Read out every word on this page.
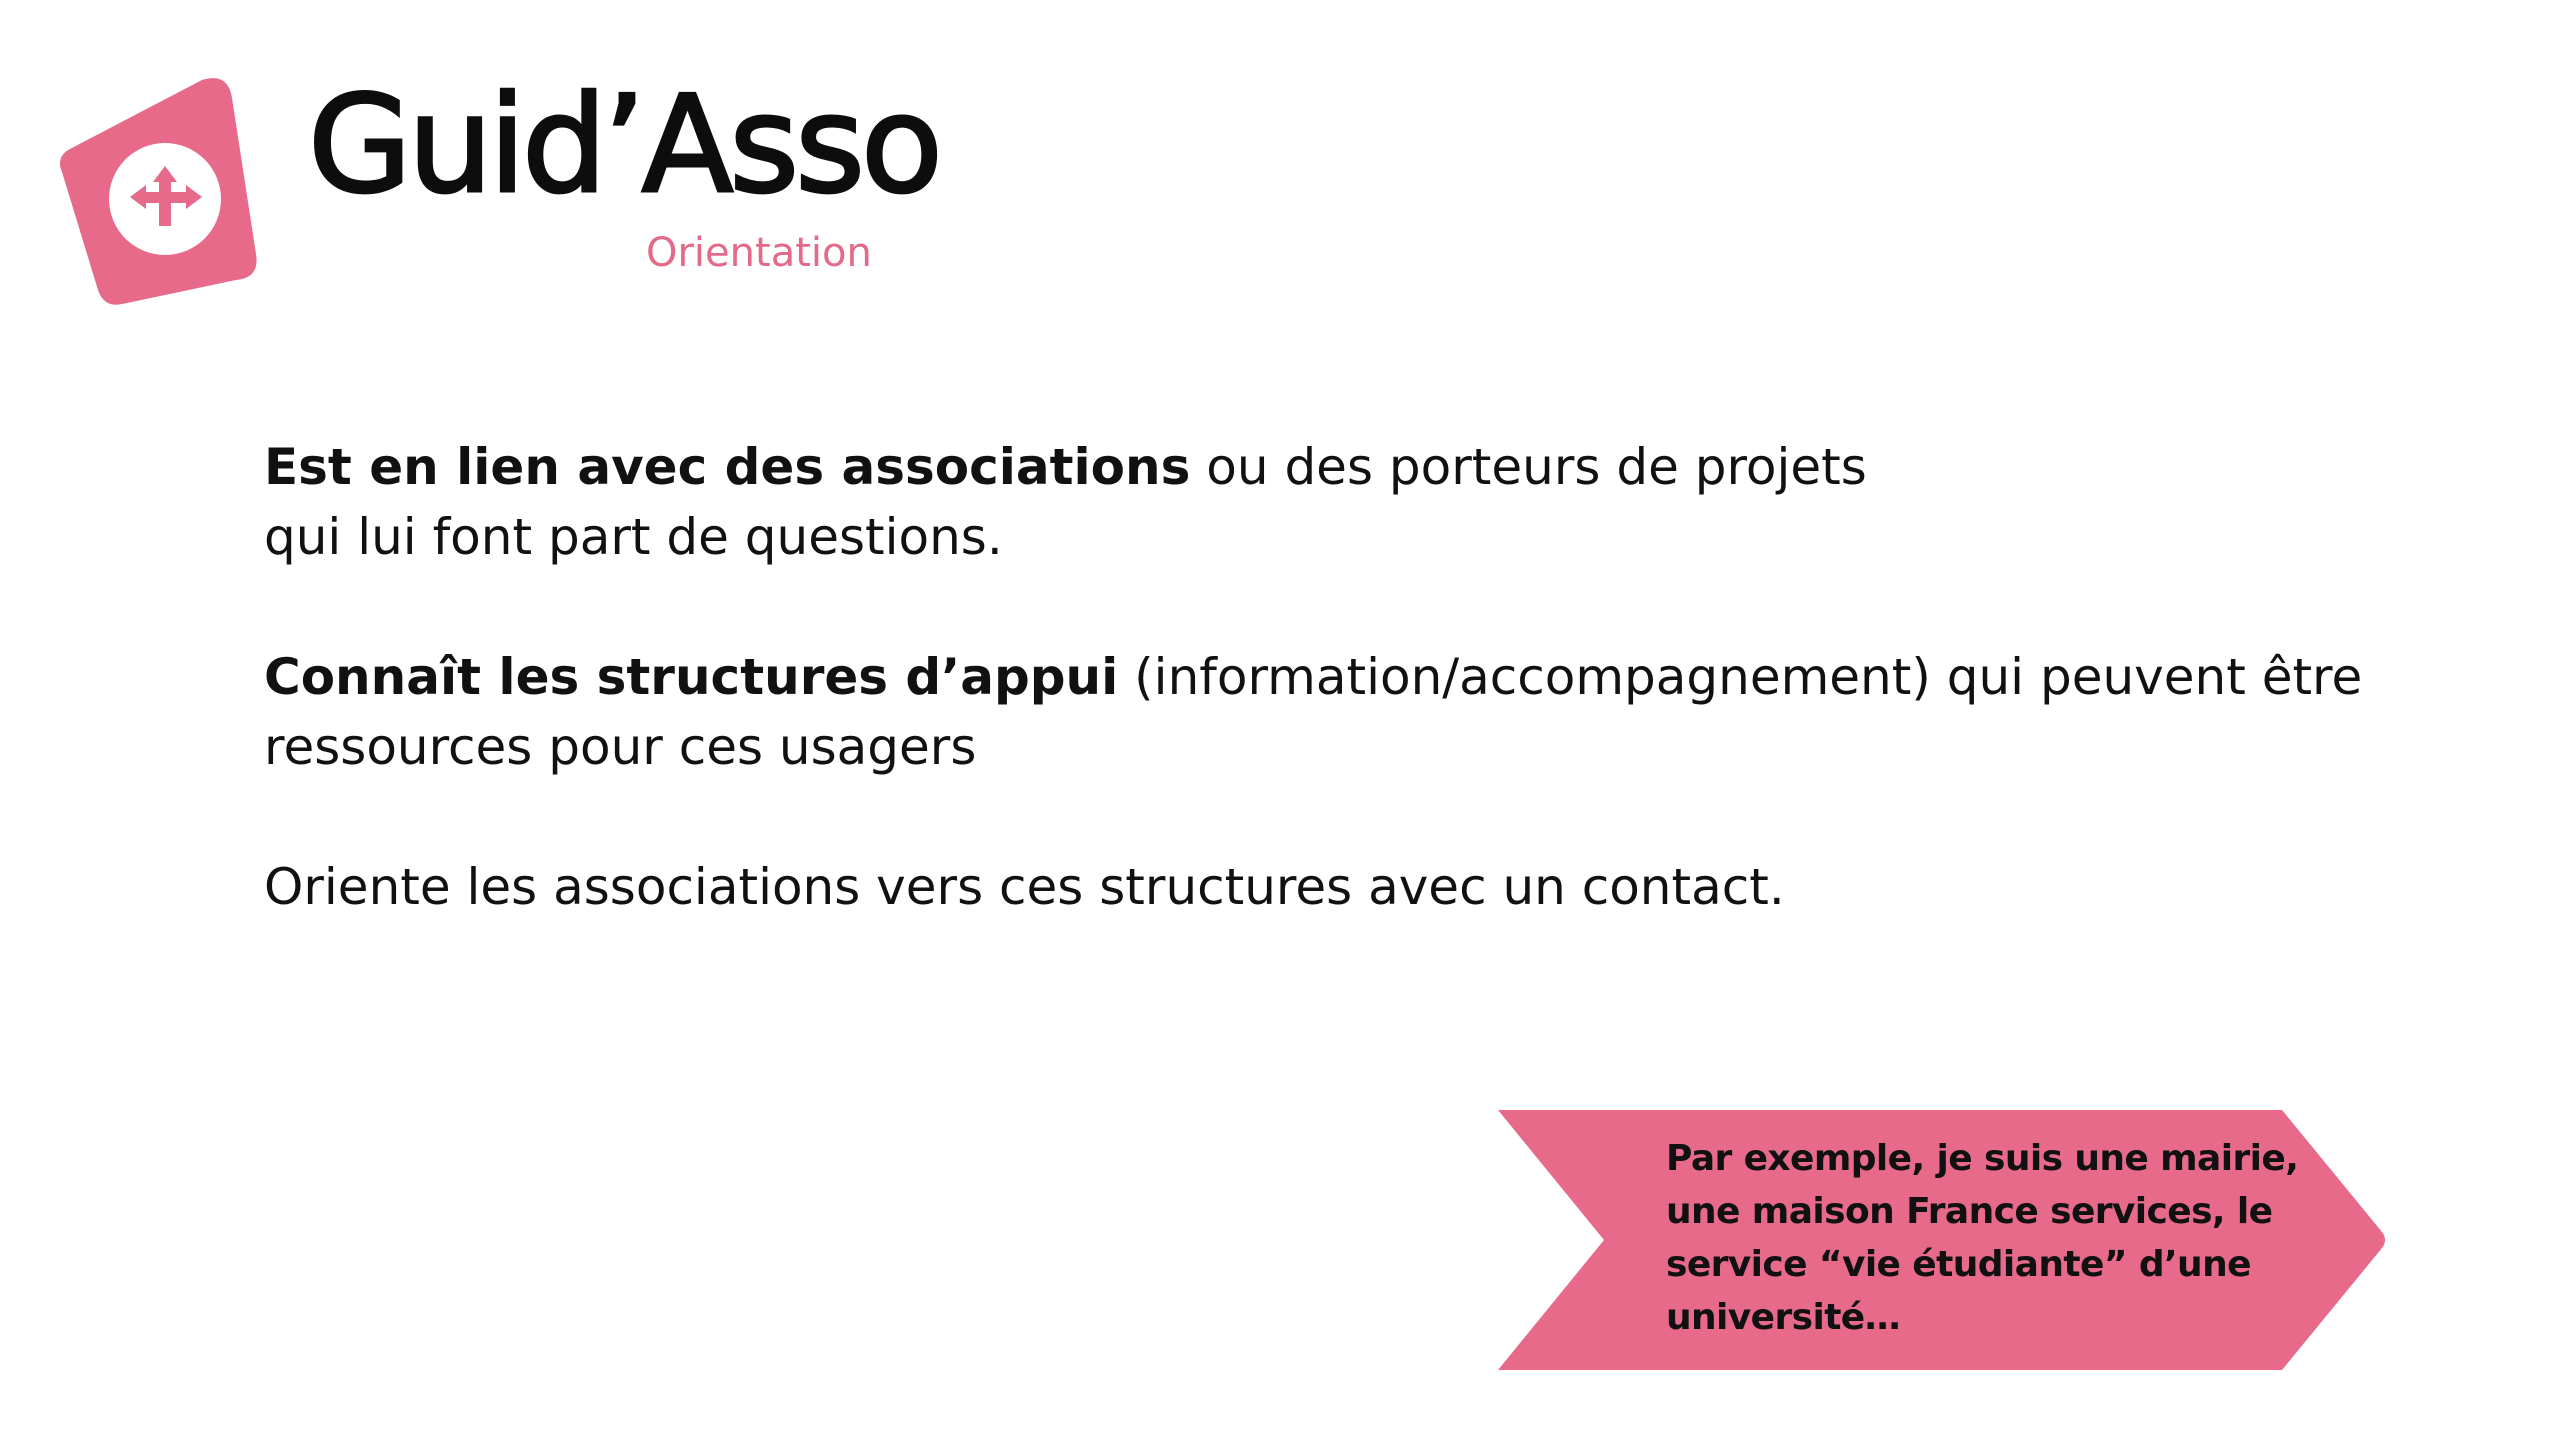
Guid’Asso
Orientation

Est en lien avec des associations ou des porteurs de projets
qui lui font part de questions.

Connaît les structures d’appui (information/accompagnement) qui peuvent être
ressources pour ces usagers

Oriente les associations vers ces structures avec un contact.

Par exemple, je suis une mairie,
une maison France services, le
service “vie étudiante” d’une
université…
